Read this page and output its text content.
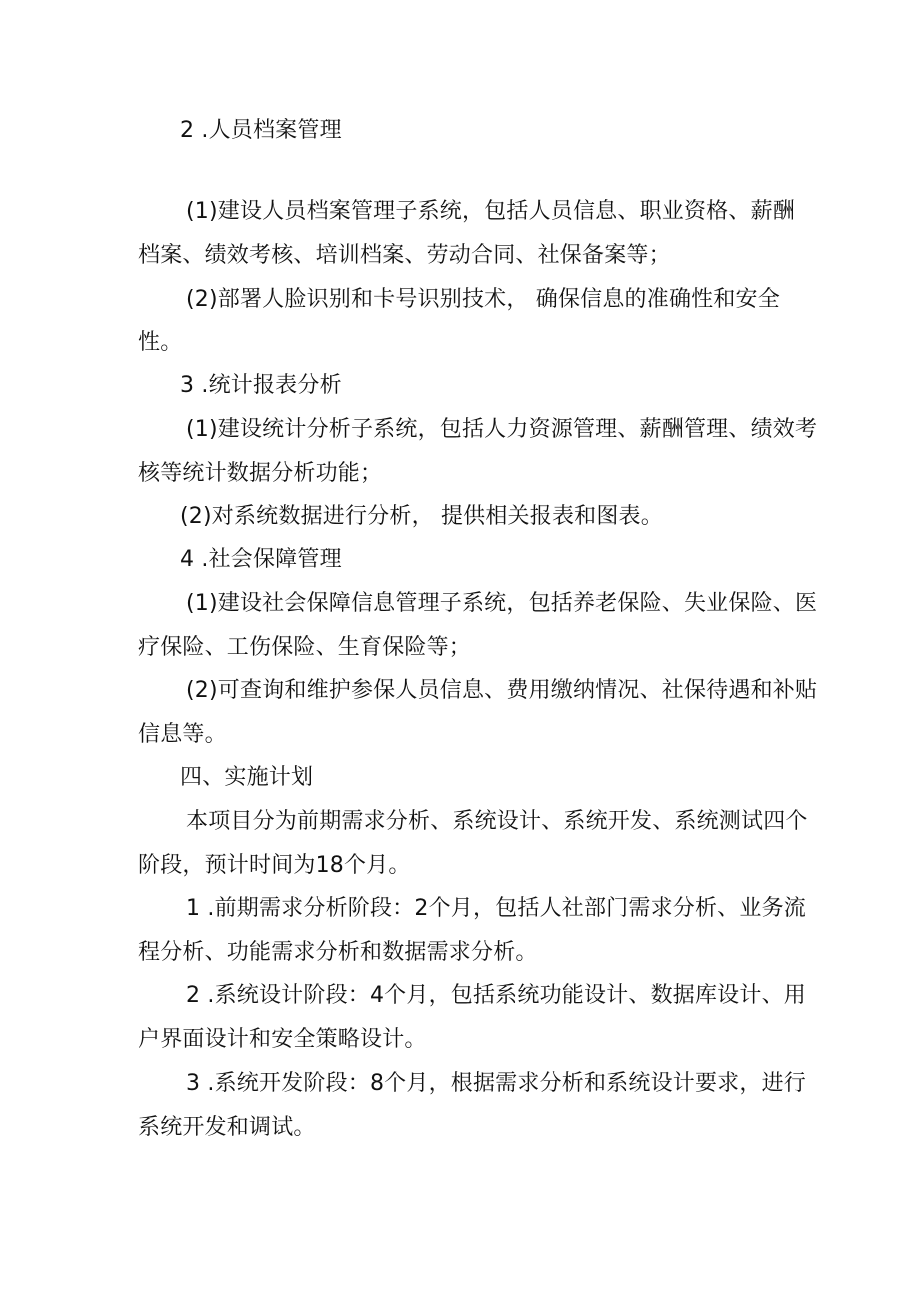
2 .人员档案管理
(1)建设人员档案管理子系统，包括人员信息、职业资格、薪酬
档案、绩效考核、培训档案、劳动合同、社保备案等；
(2)部署人脸识别和卡号识别技术， 确保信息的准确性和安全
性。
3 .统计报表分析
(1)建设统计分析子系统，包括人力资源管理、薪酬管理、绩效考
核等统计数据分析功能；
(2)对系统数据进行分析， 提供相关报表和图表。
4 .社会保障管理
(1)建设社会保障信息管理子系统，包括养老保险、失业保险、医
疗保险、工伤保险、生育保险等；
(2)可查询和维护参保人员信息、费用缴纳情况、社保待遇和补贴
信息等。
四、实施计划
本项目分为前期需求分析、系统设计、系统开发、系统测试四个
阶段，预计时间为18个月。
1 .前期需求分析阶段：2个月，包括人社部门需求分析、业务流
程分析、功能需求分析和数据需求分析。
2 .系统设计阶段：4个月，包括系统功能设计、数据库设计、用
户界面设计和安全策略设计。
3 .系统开发阶段：8个月，根据需求分析和系统设计要求，进行
系统开发和调试。
